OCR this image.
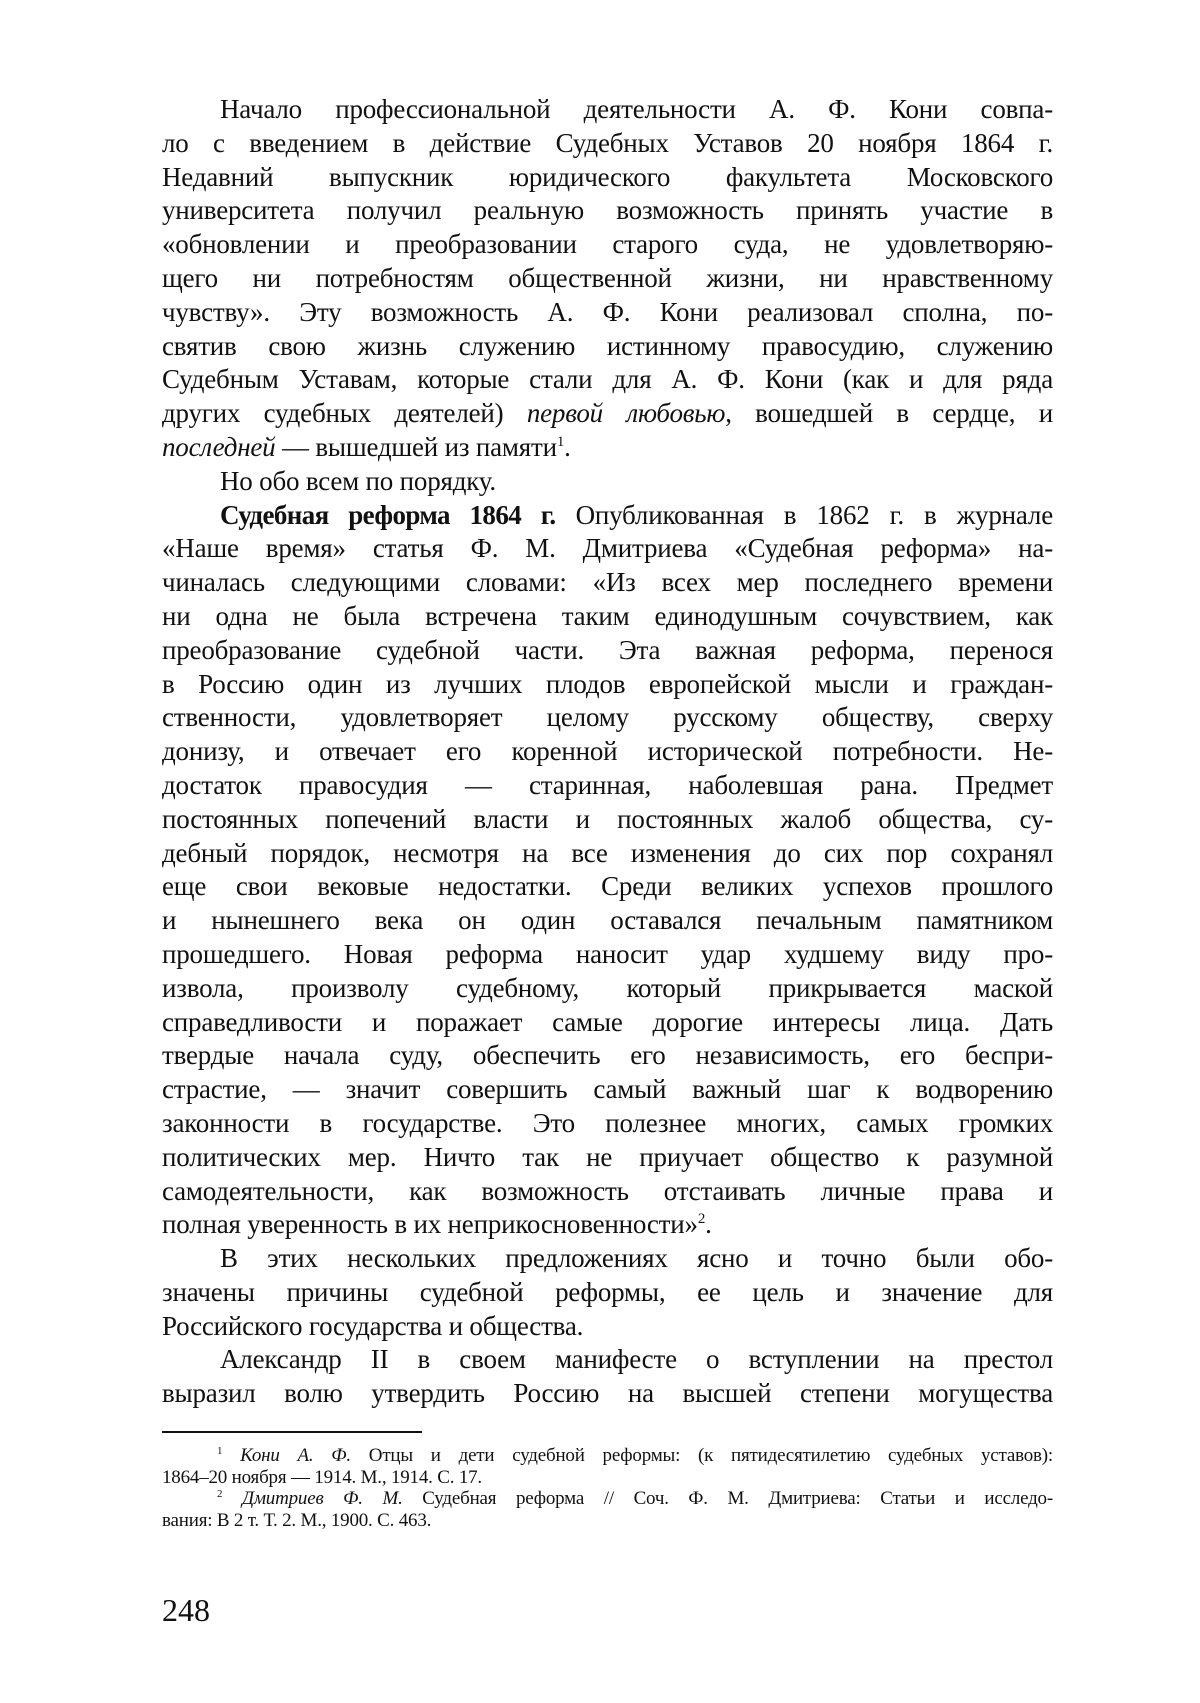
Начало профессиональной деятельности А. Ф. Кони совпа-
ло с введением в действие Судебных Уставов 20 ноября 1864 г.
Недавний выпускник юридического факультета Московского
университета получил реальную возможность принять участие в
«обновлении и преобразовании старого суда, не удовлетворяю-
щего ни потребностям общественной жизни, ни нравственному
чувству». Эту возможность А. Ф. Кони реализовал сполна, по-
святив свою жизнь служению истинному правосудию, служению
Судебным Уставам, которые стали для А. Ф. Кони (как и для ряда
других судебных деятелей) первой любовью, вошедшей в сердце, и
последней — вышедшей из памяти$^1$.
Но обо всем по порядку.
Судебная реформа 1864 г. Опубликованная в 1862 г. в журнале
«Наше время» статья Ф. М. Дмитриева «Судебная реформа» на-
чиналась следующими словами: «Из всех мер последнего времени
ни одна не была встречена таким единодушным сочувствием, как
преобразование судебной части. Эта важная реформа, перенося
в Россию один из лучших плодов европейской мысли и граждан-
ственности, удовлетворяет целому русскому обществу, сверху
донизу, и отвечает его коренной исторической потребности. Не-
достаток правосудия — старинная, наболевшая рана. Предмет
постоянных попечений власти и постоянных жалоб общества, су-
дебный порядок, несмотря на все изменения до сих пор сохранял
еще свои вековые недостатки. Среди великих успехов прошлого
и нынешнего века он один оставался печальным памятником
прошедшего. Новая реформа наносит удар худшему виду про-
извола, произволу судебному, который прикрывается маской
справедливости и поражает самые дорогие интересы лица. Дать
твердые начала суду, обеспечить его независимость, его беспри-
страстие, — значит совершить самый важный шаг к водворению
законности в государстве. Это полезнее многих, самых громких
политических мер. Ничто так не приучает общество к разумной
самодеятельности, как возможность отстаивать личные права и
полная уверенность в их неприкосновенности»$^2$.
В этих нескольких предложениях ясно и точно были обо-
значены причины судебной реформы, ее цель и значение для
Российского государства и общества.
Александр II в своем манифесте о вступлении на престол
выразил волю утвердить Россию на высшей степени могущества
$^1$ Кони А. Ф. Отцы и дети судебной реформы: (к пятидесятилетию судебных уставов):
1864–20 ноября — 1914. М., 1914. С. 17.
$^2$ Дмитриев Ф. М. Судебная реформа // Соч. Ф. М. Дмитриева: Статьи и исследо-
вания: В 2 т. Т. 2. М., 1900. С. 463.
248
